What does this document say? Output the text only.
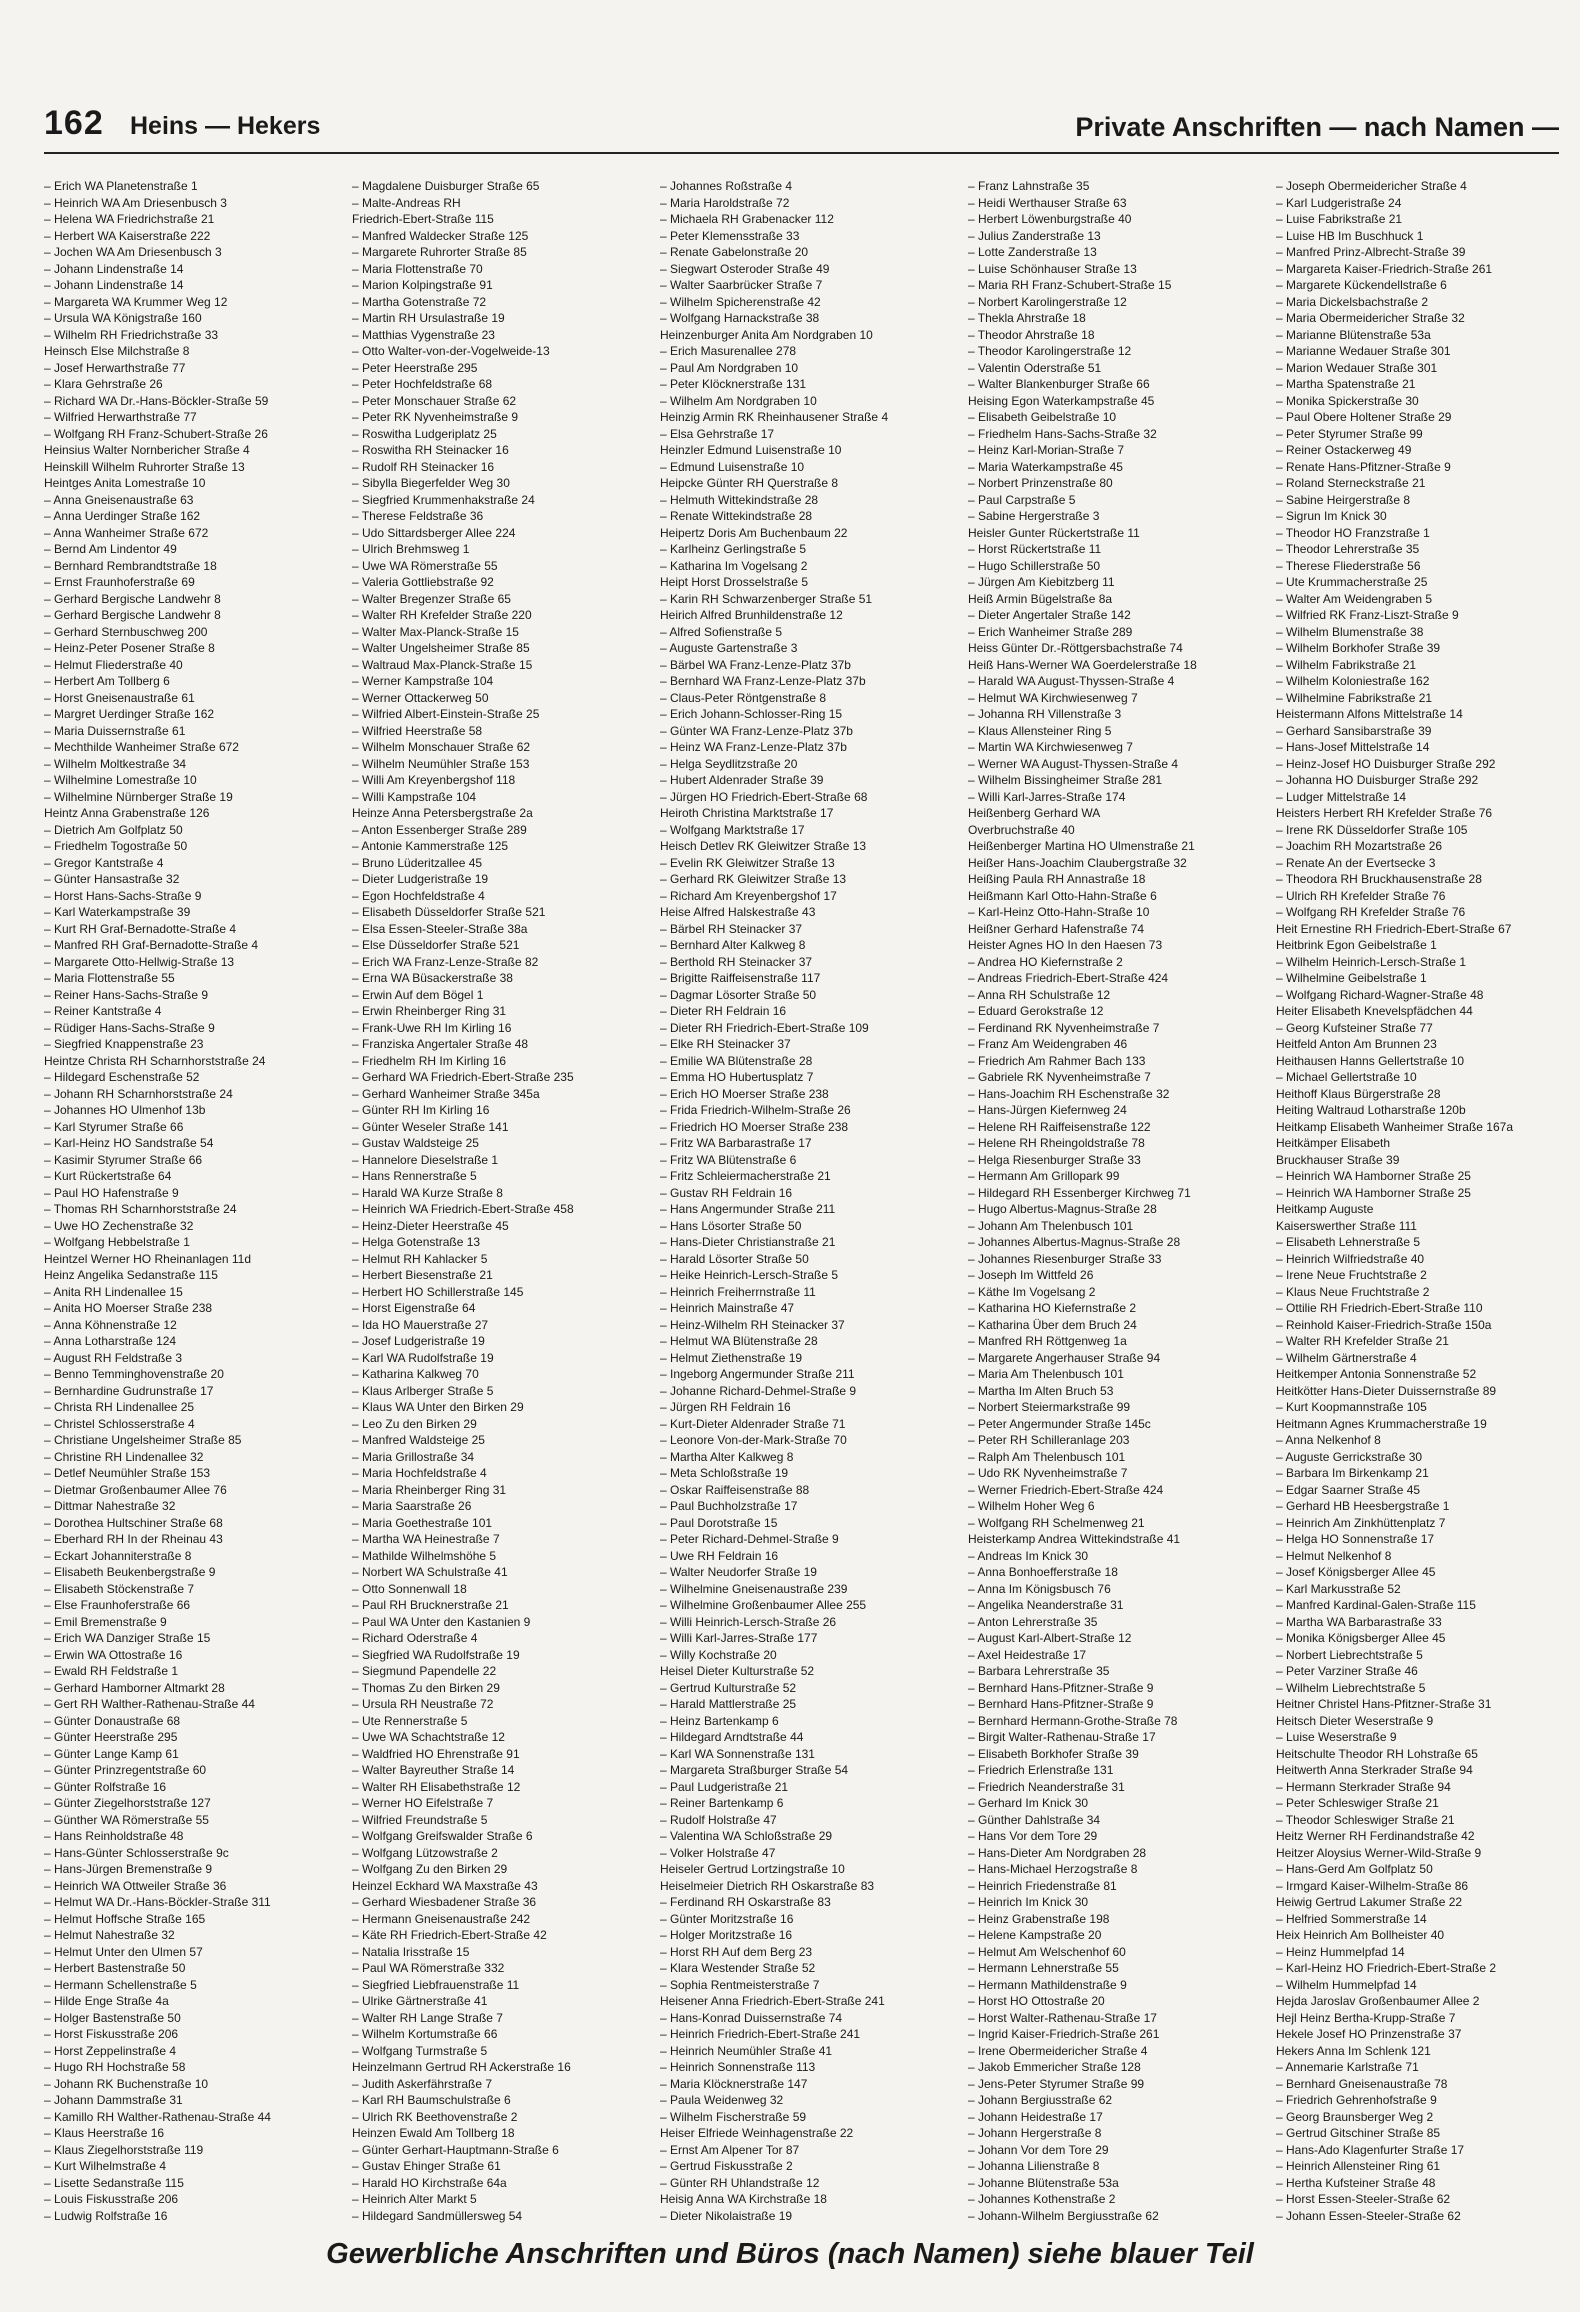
162 Heins — Hekers	Private Anschriften — nach Namen —
– Erich WA Planetenstraße 1
– Heinrich WA Am Driesenbusch 3
– Helena WA Friedrichstraße 21
– Herbert WA Kaiserstraße 222
– Jochen WA Am Driesenbusch 3
– Johann Lindenstraße 14
– Johann Lindenstraße 14
– Margareta WA Krummer Weg 12
– Ursula WA Königstraße 160
– Wilhelm RH Friedrichstraße 33
Heinsch Else Milchstraße 8
– Josef Herwarthstraße 77
– Klara Gehrstraße 26
– Richard WA Dr.-Hans-Böckler-Straße 59
– Wilfried Herwarthstraße 77
– Wolfgang RH Franz-Schubert-Straße 26
Heinsius Walter Nornbericher Straße 4
Heinskill Wilhelm Ruhrorter Straße 13
Heintges Anita Lomestraße 10
– Anna Gneisenaustraße 63
– Anna Uerdinger Straße 162
– Anna Wanheimer Straße 672
– Bernd Am Lindentor 49
– Bernhard Rembrandtstraße 18
– Ernst Fraunhoferstraße 69
– Gerhard Bergische Landwehr 8
– Gerhard Bergische Landwehr 8
– Gerhard Sternbuschweg 200
– Heinz-Peter Posener Straße 8
– Helmut Fliederstraße 40
– Herbert Am Tollberg 6
– Horst Gneisenaustraße 61
– Margret Uerdinger Straße 162
– Maria Duissernstraße 61
– Mechthilde Wanheimer Straße 672
– Wilhelm Moltkestraße 34
– Wilhelmine Lomestraße 10
– Wilhelmine Nürnberger Straße 19
Heintz Anna Grabenstraße 126
– Dietrich Am Golfplatz 50
– Friedhelm Togostraße 50
– Gregor Kantstraße 4
– Günter Hansastraße 32
– Horst Hans-Sachs-Straße 9
– Karl Waterkampstraße 39
– Kurt RH Graf-Bernadotte-Straße 4
– Manfred RH Graf-Bernadotte-Straße 4
– Margarete Otto-Hellwig-Straße 13
– Maria Flottenstraße 55
– Reiner Hans-Sachs-Straße 9
– Reiner Kantstraße 4
– Rüdiger Hans-Sachs-Straße 9
– Siegfried Knappenstraße 23
Heintze Christa RH Scharnhorststraße 24
– Hildegard Eschenstraße 52
– Johann RH Scharnhorststraße 24
– Johannes HO Ulmenhof 13b
– Karl Styrumer Straße 66
– Karl-Heinz HO Sandstraße 54
– Kasimir Styrumer Straße 66
– Kurt Rückertstraße 64
– Paul HO Hafenstraße 9
– Thomas RH Scharnhorststraße 24
– Uwe HO Zechenstraße 32
– Wolfgang Hebbelstraße 1
Heintzel Werner HO Rheinanlagen 11d
Heinz Angelika Sedanstraße 115
– Anita RH Lindenallee 15
– Anita HO Moerser Straße 238
– Anna Köhnenstraße 12
– Anna Lotharstraße 124
– August RH Feldstraße 3
– Benno Temminghovenstraße 20
– Bernhardine Gudrunstraße 17
– Christa RH Lindenallee 25
– Christel Schlosserstraße 4
– Christiane Ungelsheimer Straße 85
– Christine RH Lindenallee 32
– Detlef Neumühler Straße 153
– Dietmar Großenbaumer Allee 76
– Dittmar Nahestraße 32
– Dorothea Hultschiner Straße 68
– Eberhard RH In der Rheinau 43
– Eckart Johanniterstraße 8
– Elisabeth Beukenbergstraße 9
– Elisabeth Stöckenstraße 7
– Else Fraunhoferstraße 66
– Emil Bremenstraße 9
– Erich WA Danziger Straße 15
– Erwin WA Ottostraße 16
– Ewald RH Feldstraße 1
– Gerhard Hamborner Altmarkt 28
– Gert RH Walther-Rathenau-Straße 44
– Günter Donaustraße 68
– Günter Heerstraße 295
– Günter Lange Kamp 61
– Günter Prinzregentstraße 60
– Günter Rolfstraße 16
– Günter Ziegelhorststraße 127
– Günther WA Römerstraße 55
– Hans Reinholdstraße 48
– Hans-Günter Schlosserstraße 9c
– Hans-Jürgen Bremenstraße 9
– Heinrich WA Ottweiler Straße 36
– Helmut WA Dr.-Hans-Böckler-Straße 311
– Helmut Hoffsche Straße 165
– Helmut Nahestraße 32
– Helmut Unter den Ulmen 57
– Herbert Bastenstraße 50
– Hermann Schellenstraße 5
– Hilde Enge Straße 4a
– Holger Bastenstraße 50
– Horst Fiskusstraße 206
– Horst Zeppelinstraße 4
– Hugo RH Hochstraße 58
– Johann RK Buchenstraße 10
– Johann Dammstraße 31
– Kamillo RH Walther-Rathenau-Straße 44
– Klaus Heerstraße 16
– Klaus Ziegelhorststraße 119
– Kurt Wilhelmstraße 4
– Lisette Sedanstraße 115
– Louis Fiskusstraße 206
– Ludwig Rolfstraße 16
– Magdalene Duisburger Straße 65
– Malte-Andreas RH
Friedrich-Ebert-Straße 115
– Manfred Waldecker Straße 125
– Margarete Ruhrorter Straße 85
– Maria Flottenstraße 70
– Marion Kolpingstraße 91
– Martha Gotenstraße 72
– Martin RH Ursulastraße 19
– Matthias Vygenstraße 23
– Otto Walter-von-der-Vogelweide-13
– Peter Heerstraße 295
– Peter Hochfeldstraße 68
– Peter Monschauer Straße 62
– Peter RK Nyvenheimstraße 9
– Roswitha Ludgeriplatz 25
– Roswitha RH Steinacker 16
– Rudolf RH Steinacker 16
– Sibylla Biegerfelder Weg 30
– Siegfried Krummenhakstraße 24
– Therese Feldstraße 36
– Udo Sittardsberger Allee 224
– Ulrich Brehmsweg 1
– Uwe WA Römerstraße 55
– Valeria Gottliebstraße 92
– Walter Bregenzer Straße 65
– Walter RH Krefelder Straße 220
– Walter Max-Planck-Straße 15
– Walter Ungelsheimer Straße 85
– Waltraud Max-Planck-Straße 15
– Werner Kampstraße 104
– Werner Ottackerweg 50
– Wilfried Albert-Einstein-Straße 25
– Wilfried Heerstraße 58
– Wilhelm Monschauer Straße 62
– Wilhelm Neumühler Straße 153
– Willi Am Kreyenbergshof 118
– Willi Kampstraße 104
Heinze Anna Petersbergstraße 2a
– Anton Essenberger Straße 289
– Antonie Kammerstraße 125
– Bruno Lüderitzallee 45
– Dieter Ludgeristraße 19
– Egon Hochfeldstraße 4
– Elisabeth Düsseldorfer Straße 521
– Elsa Essen-Steeler-Straße 38a
– Else Düsseldorfer Straße 521
– Erich WA Franz-Lenze-Straße 82
– Erna WA Büsackerstraße 38
– Erwin Auf dem Bögel 1
– Erwin Rheinberger Ring 31
– Frank-Uwe RH Im Kirling 16
– Franziska Angertaler Straße 48
– Friedhelm RH Im Kirling 16
– Gerhard WA Friedrich-Ebert-Straße 235
– Gerhard Wanheimer Straße 345a
– Günter RH Im Kirling 16
– Günter Weseler Straße 141
– Gustav Waldsteige 25
– Hannelore Dieselstraße 1
– Hans Rennerstraße 5
– Harald WA Kurze Straße 8
– Heinrich WA Friedrich-Ebert-Straße 458
– Heinz-Dieter Heerstraße 45
– Helga Gotenstraße 13
– Helmut RH Kahlacker 5
– Herbert Biesenstraße 21
– Herbert HO Schillerstraße 145
– Horst Eigenstraße 64
– Ida HO Mauerstraße 27
– Josef Ludgeristraße 19
– Karl WA Rudolfstraße 19
– Katharina Kalkweg 70
– Klaus Arlberger Straße 5
– Klaus WA Unter den Birken 29
– Leo Zu den Birken 29
– Manfred Waldsteige 25
– Maria Grillostraße 34
– Maria Hochfeldstraße 4
– Maria Rheinberger Ring 31
– Maria Saarstraße 26
– Maria Goethestraße 101
– Martha WA Heinestraße 7
– Mathilde Wilhelmshöhe 5
– Norbert WA Schulstraße 41
– Otto Sonnenwall 18
– Paul RH Brucknerstraße 21
– Paul WA Unter den Kastanien 9
– Richard Oderstraße 4
– Siegfried WA Rudolfstraße 19
– Siegmund Papendelle 22
– Thomas Zu den Birken 29
– Ursula RH Neustraße 72
– Ute Rennerstraße 5
– Uwe WA Schachtstraße 12
– Waldfried HO Ehrenstraße 91
– Walter Bayreuther Straße 14
– Walter RH Elisabethstraße 12
– Werner HO Eifelstraße 7
– Wilfried Freundstraße 5
– Wolfgang Greifswalder Straße 6
– Wolfgang Lützowstraße 2
– Wolfgang Zu den Birken 29
Heinzel Eckhard WA Maxstraße 43
– Gerhard Wiesbadener Straße 36
– Hermann Gneisenaustraße 242
– Käte RH Friedrich-Ebert-Straße 42
– Natalia Irisstraße 15
– Paul WA Römerstraße 332
– Siegfried Liebfrauenstraße 11
– Ulrike Gärtnerstraße 41
– Walter RH Lange Straße 7
– Wilhelm Kortumstraße 66
– Wolfgang Turmstraße 5
Heinzelmann Gertrud RH Ackerstraße 16
– Judith Askerfährstraße 7
– Karl RH Baumschulstraße 6
– Ulrich RK Beethovenstraße 2
Heinzen Ewald Am Tollberg 18
– Günter Gerhart-Hauptmann-Straße 6
– Gustav Ehinger Straße 61
– Harald HO Kirchstraße 64a
– Heinrich Alter Markt 5
– Hildegard Sandmüllersweg 54
– Johannes Roßstraße 4
– Maria Haroldstraße 72
– Michaela RH Grabenacker 112
– Peter Klemensstraße 33
– Renate Gabelonstraße 20
– Siegwart Osteroder Straße 49
– Walter Saarbrücker Straße 7
– Wilhelm Spicherenstraße 42
– Wolfgang Harnackstraße 38
Heinzenburger Anita Am Nordgraben 10
– Erich Masurenallee 278
– Paul Am Nordgraben 10
– Peter Klöcknerstraße 131
– Wilhelm Am Nordgraben 10
Heinzig Armin RK Rheinhausener Straße 4
– Elsa Gehrstraße 17
Heinzler Edmund Luisenstraße 10
– Edmund Luisenstraße 10
Heipcke Günter RH Querstraße 8
– Helmuth Wittekindstraße 28
– Renate Wittekindstraße 28
Heipertz Doris Am Buchenbaum 22
– Karlheinz Gerlingstraße 5
– Katharina Im Vogelsang 2
Heipt Horst Drosselstraße 5
– Karin RH Schwarzenberger Straße 51
Heirich Alfred Brunhildenstraße 12
– Alfred Sofienstraße 5
– Auguste Gartenstraße 3
– Bärbel WA Franz-Lenze-Platz 37b
– Bernhard WA Franz-Lenze-Platz 37b
– Claus-Peter Röntgenstraße 8
– Erich Johann-Schlosser-Ring 15
– Günter WA Franz-Lenze-Platz 37b
– Heinz WA Franz-Lenze-Platz 37b
– Helga Seydlitzstraße 20
– Hubert Aldenrader Straße 39
– Jürgen HO Friedrich-Ebert-Straße 68
Heiroth Christina Marktstraße 17
– Wolfgang Marktstraße 17
Heisch Detlev RK Gleiwitzer Straße 13
– Evelin RK Gleiwitzer Straße 13
– Gerhard RK Gleiwitzer Straße 13
– Richard Am Kreyenbergshof 17
Heise Alfred Halskestraße 43
– Bärbel RH Steinacker 37
– Bernhard Alter Kalkweg 8
– Berthold RH Steinacker 37
– Brigitte Raiffeisenstraße 117
– Dagmar Lösorter Straße 50
– Dieter RH Feldrain 16
– Dieter RH Friedrich-Ebert-Straße 109
– Elke RH Steinacker 37
– Emilie WA Blütenstraße 28
– Emma HO Hubertusplatz 7
– Erich HO Moerser Straße 238
– Frida Friedrich-Wilhelm-Straße 26
– Friedrich HO Moerser Straße 238
– Fritz WA Barbarastraße 17
– Fritz WA Blütenstraße 6
– Fritz Schleiermacherstraße 21
– Gustav RH Feldrain 16
– Hans Angermunder Straße 211
– Hans Lösorter Straße 50
– Hans-Dieter Christianstraße 21
– Harald Lösorter Straße 50
– Heike Heinrich-Lersch-Straße 5
– Heinrich Freiherrnstraße 11
– Heinrich Mainstraße 47
– Heinz-Wilhelm RH Steinacker 37
– Helmut WA Blütenstraße 28
– Helmut Ziethenstraße 19
– Ingeborg Angermunder Straße 211
– Johanne Richard-Dehmel-Straße 9
– Jürgen RH Feldrain 16
– Kurt-Dieter Aldenrader Straße 71
– Leonore Von-der-Mark-Straße 70
– Martha Alter Kalkweg 8
– Meta Schloßstraße 19
– Oskar Raiffeisenstraße 88
– Paul Buchholzstraße 17
– Paul Dorotstraße 15
– Peter Richard-Dehmel-Straße 9
– Uwe RH Feldrain 16
– Walter Neudorfer Straße 19
– Wilhelmine Gneisenaustraße 239
– Wilhelmine Großenbaumer Allee 255
– Willi Heinrich-Lersch-Straße 26
– Willi Karl-Jarres-Straße 177
– Willy Kochstraße 20
Heisel Dieter Kulturstraße 52
– Gertrud Kulturstraße 52
– Harald Mattlerstraße 25
– Heinz Bartenkamp 6
– Hildegard Arndtstraße 44
– Karl WA Sonnenstraße 131
– Margareta Straßburger Straße 54
– Paul Ludgeristraße 21
– Reiner Bartenkamp 6
– Rudolf Holstraße 47
– Valentina WA Schloßstraße 29
– Volker Holstraße 47
Heiseler Gertrud Lortzingstraße 10
Heiselmeier Dietrich RH Oskarstraße 83
– Ferdinand RH Oskarstraße 83
– Günter Moritzstraße 16
– Holger Moritzstraße 16
– Horst RH Auf dem Berg 23
– Klara Westender Straße 52
– Sophia Rentmeisterstraße 7
Heisener Anna Friedrich-Ebert-Straße 241
– Hans-Konrad Duissernstraße 74
– Heinrich Friedrich-Ebert-Straße 241
– Heinrich Neumühler Straße 41
– Heinrich Sonnenstraße 113
– Maria Klöcknerstraße 147
– Paula Weidenweg 32
– Wilhelm Fischerstraße 59
Heiser Elfriede Weinhagenstraße 22
– Ernst Am Alpener Tor 87
– Gertrud Fiskusstraße 2
– Günter RH Uhlandstraße 12
Heisig Anna WA Kirchstraße 18
– Dieter Nikolaistraße 19
– Franz Lahnstraße 35
– Heidi Werthauser Straße 63
– Herbert Löwenburgstraße 40
– Julius Zanderstraße 13
– Lotte Zanderstraße 13
– Luise Schönhauser Straße 13
– Maria RH Franz-Schubert-Straße 15
– Norbert Karolingerstraße 12
– Thekla Ahrstraße 18
– Theodor Ahrstraße 18
– Theodor Karolingerstraße 12
– Valentin Oderstraße 51
– Walter Blankenburger Straße 66
Heising Egon Waterkampstraße 45
– Elisabeth Geibelstraße 10
– Friedhelm Hans-Sachs-Straße 32
– Heinz Karl-Morian-Straße 7
– Maria Waterkampstraße 45
– Norbert Prinzenstraße 80
– Paul Carpstraße 5
– Sabine Hergerstraße 3
Heisler Gunter Rückertstraße 11
– Horst Rückertstraße 11
– Hugo Schillerstraße 50
– Jürgen Am Kiebitzberg 11
Heiß Armin Bügelstraße 8a
– Dieter Angertaler Straße 142
– Erich Wanheimer Straße 289
Heiss Günter Dr.-Röttgersbachstraße 74
Heiß Hans-Werner WA Goerdelerstraße 18
– Harald WA August-Thyssen-Straße 4
– Helmut WA Kirchwiesenweg 7
– Johanna RH Villenstraße 3
– Klaus Allensteiner Ring 5
– Martin WA Kirchwiesenweg 7
– Werner WA August-Thyssen-Straße 4
– Wilhelm Bissingheimer Straße 281
– Willi Karl-Jarres-Straße 174
Heißenberg Gerhard WA
Overbruchstraße 40
Heißenberger Martina HO Ulmenstraße 21
Heißer Hans-Joachim Claubergstraße 32
Heißing Paula RH Annastraße 18
Heißmann Karl Otto-Hahn-Straße 6
– Karl-Heinz Otto-Hahn-Straße 10
Heißner Gerhard Hafenstraße 74
Heister Agnes HO In den Haesen 73
– Andrea HO Kiefernstraße 2
– Andreas Friedrich-Ebert-Straße 424
– Anna RH Schulstraße 12
– Eduard Gerokstraße 12
– Ferdinand RK Nyvenheimstraße 7
– Franz Am Weidengraben 46
– Friedrich Am Rahmer Bach 133
– Gabriele RK Nyvenheimstraße 7
– Hans-Joachim RH Eschenstraße 32
– Hans-Jürgen Kiefernweg 24
– Helene RH Raiffeisenstraße 122
– Helene RH Rheingoldstraße 78
– Helga Riesenburger Straße 33
– Hermann Am Grillopark 99
– Hildegard RH Essenberger Kirchweg 71
– Hugo Albertus-Magnus-Straße 28
– Johann Am Thelenbusch 101
– Johannes Albertus-Magnus-Straße 28
– Johannes Riesenburger Straße 33
– Joseph Im Wittfeld 26
– Käthe Im Vogelsang 2
– Katharina HO Kiefernstraße 2
– Katharina Über dem Bruch 24
– Manfred RH Röttgenweg 1a
– Margarete Angerhauser Straße 94
– Maria Am Thelenbusch 101
– Martha Im Alten Bruch 53
– Norbert Steiermarkstraße 99
– Peter Angermunder Straße 145c
– Peter RH Schilleranlage 203
– Ralph Am Thelenbusch 101
– Udo RK Nyvenheimstraße 7
– Werner Friedrich-Ebert-Straße 424
– Wilhelm Hoher Weg 6
– Wolfgang RH Schelmenweg 21
Heisterkamp Andrea Wittekindstraße 41
– Andreas Im Knick 30
– Anna Bonhoefferstraße 18
– Anna Im Königsbusch 76
– Angelika Neanderstraße 31
– Anton Lehrerstraße 35
– August Karl-Albert-Straße 12
– Axel Heidestraße 17
– Barbara Lehrerstraße 35
– Bernhard Hans-Pfitzner-Straße 9
– Bernhard Hans-Pfitzner-Straße 9
– Bernhard Hermann-Grothe-Straße 78
– Birgit Walter-Rathenau-Straße 17
– Elisabeth Borkhofer Straße 39
– Friedrich Erlenstraße 131
– Friedrich Neanderstraße 31
– Gerhard Im Knick 30
– Günther Dahlstraße 34
– Hans Vor dem Tore 29
– Hans-Dieter Am Nordgraben 28
– Hans-Michael Herzogstraße 8
– Heinrich Friedenstraße 81
– Heinrich Im Knick 30
– Heinz Grabenstraße 198
– Helene Kampstraße 20
– Helmut Am Welschenhof 60
– Hermann Lehnerstraße 55
– Hermann Mathildenstraße 9
– Horst HO Ottostraße 20
– Horst Walter-Rathenau-Straße 17
– Ingrid Kaiser-Friedrich-Straße 261
– Irene Obermeidericher Straße 4
– Jakob Emmericher Straße 128
– Jens-Peter Styrumer Straße 99
– Johann Bergiusstraße 62
– Johann Heidestraße 17
– Johann Hergerstraße 8
– Johann Vor dem Tore 29
– Johanna Lilienstraße 8
– Johanne Blütenstraße 53a
– Johannes Kothenstraße 2
– Johann-Wilhelm Bergiusstraße 62
– Joseph Obermeidericher Straße 4
– Karl Ludgeristraße 24
– Luise Fabrikstraße 21
– Luise HB Im Buschhuck 1
– Manfred Prinz-Albrecht-Straße 39
– Margareta Kaiser-Friedrich-Straße 261
– Margarete Kückendellstraße 6
– Maria Dickelsbachstraße 2
– Maria Obermeidericher Straße 32
– Marianne Blütenstraße 53a
– Marianne Wedauer Straße 301
– Marion Wedauer Straße 301
– Martha Spatenstraße 21
– Monika Spickerstraße 30
– Paul Obere Holtener Straße 29
– Peter Styrumer Straße 99
– Reiner Ostackerweg 49
– Renate Hans-Pfitzner-Straße 9
– Roland Sterneckstraße 21
– Sabine Heirgerstraße 8
– Sigrun Im Knick 30
– Theodor HO Franzstraße 1
– Theodor Lehrerstraße 35
– Therese Fliederstraße 56
– Ute Krummacherstraße 25
– Walter Am Weidengraben 5
– Wilfried RK Franz-Liszt-Straße 9
– Wilhelm Blumenstraße 38
– Wilhelm Borkhofer Straße 39
– Wilhelm Fabrikstraße 21
– Wilhelm Koloniestraße 162
– Wilhelmine Fabrikstraße 21
Heistermann Alfons Mittelstraße 14
– Gerhard Sansibarstraße 39
– Hans-Josef Mittelstraße 14
– Heinz-Josef HO Duisburger Straße 292
– Johanna HO Duisburger Straße 292
– Ludger Mittelstraße 14
Heisters Herbert RH Krefelder Straße 76
– Irene RK Düsseldorfer Straße 105
– Joachim RH Mozartstraße 26
– Renate An der Evertsecke 3
– Theodora RH Bruckhausenstraße 28
– Ulrich RH Krefelder Straße 76
– Wolfgang RH Krefelder Straße 76
Heit Ernestine RH Friedrich-Ebert-Straße 67
Heitbrink Egon Geibelstraße 1
– Wilhelm Heinrich-Lersch-Straße 1
– Wilhelmine Geibelstraße 1
– Wolfgang Richard-Wagner-Straße 48
Heiter Elisabeth Knevelspfädchen 44
– Georg Kufsteiner Straße 77
Heitfeld Anton Am Brunnen 23
Heithausen Hanns Gellertstraße 10
– Michael Gellertstraße 10
Heithoff Klaus Bürgerstraße 28
Heiting Waltraud Lotharstraße 120b
Heitkamp Elisabeth Wanheimer Straße 167a
Heitkämper Elisabeth
Bruckhauser Straße 39
– Heinrich WA Hamborner Straße 25
– Heinrich WA Hamborner Straße 25
Heitkamp Auguste
Kaiserswerther Straße 111
– Elisabeth Lehnerstraße 5
– Heinrich Wilfriedstraße 40
– Irene Neue Fruchtstraße 2
– Klaus Neue Fruchtstraße 2
– Ottilie RH Friedrich-Ebert-Straße 110
– Reinhold Kaiser-Friedrich-Straße 150a
– Walter RH Krefelder Straße 21
– Wilhelm Gärtnerstraße 4
Heitkemper Antonia Sonnenstraße 52
Heitkötter Hans-Dieter Duissernstraße 89
– Kurt Koopmannstraße 105
Heitmann Agnes Krummacherstraße 19
– Anna Nelkenhof 8
– Auguste Gerrickstraße 30
– Barbara Im Birkenkamp 21
– Edgar Saarner Straße 45
– Gerhard HB Heesbergstraße 1
– Heinrich Am Zinkhüttenplatz 7
– Helga HO Sonnenstraße 17
– Helmut Nelkenhof 8
– Josef Königsberger Allee 45
– Karl Markusstraße 52
– Manfred Kardinal-Galen-Straße 115
– Martha WA Barbarastraße 33
– Monika Königsberger Allee 45
– Norbert Liebrechtstraße 5
– Peter Varziner Straße 46
– Wilhelm Liebrechtstraße 5
Heitner Christel Hans-Pfitzner-Straße 31
Heitsch Dieter Weserstraße 9
– Luise Weserstraße 9
Heitschulte Theodor RH Lohstraße 65
Heitwerth Anna Sterkrader Straße 94
– Hermann Sterkrader Straße 94
– Peter Schleswiger Straße 21
– Theodor Schleswiger Straße 21
Heitz Werner RH Ferdinandstraße 42
Heitzer Aloysius Werner-Wild-Straße 9
– Hans-Gerd Am Golfplatz 50
– Irmgard Kaiser-Wilhelm-Straße 86
Heiwig Gertrud Lakumer Straße 22
– Helfried Sommerstraße 14
Heix Heinrich Am Bollheister 40
– Heinz Hummelpfad 14
– Karl-Heinz HO Friedrich-Ebert-Straße 2
– Wilhelm Hummelpfad 14
Hejda Jaroslav Großenbaumer Allee 2
Hejl Heinz Bertha-Krupp-Straße 7
Hekele Josef HO Prinzenstraße 37
Hekers Anna Im Schlenk 121
– Annemarie Karlstraße 71
– Bernhard Gneisenaustraße 78
– Friedrich Gehrenhofstraße 9
– Georg Braunsberger Weg 2
– Gertrud Gitschiner Straße 85
– Hans-Ado Klagenfurter Straße 17
– Heinrich Allensteiner Ring 61
– Hertha Kufsteiner Straße 48
– Horst Essen-Steeler-Straße 62
– Johann Essen-Steeler-Straße 62
Gewerbliche Anschriften und Büros (nach Namen) siehe blauer Teil
